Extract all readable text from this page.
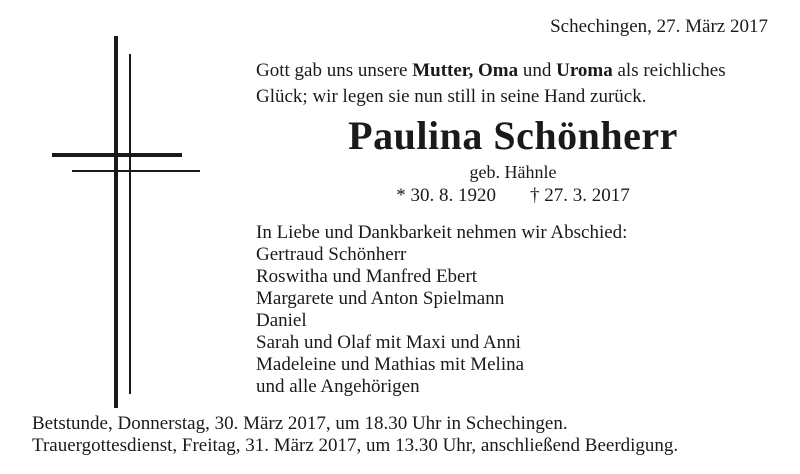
Schechingen, 27. März 2017
Gott gab uns unsere Mutter, Oma und Uroma als reichliches
Glück; wir legen sie nun still in seine Hand zurück.
Paulina Schönherr
geb. Hähnle
* 30. 8. 1920 † 27. 3. 2017
In Liebe und Dankbarkeit nehmen wir Abschied:
Gertraud Schönherr
Roswitha und Manfred Ebert
Margarete und Anton Spielmann
Daniel
Sarah und Olaf mit Maxi und Anni
Madeleine und Mathias mit Melina
und alle Angehörigen
Betstunde, Donnerstag, 30. März 2017, um 18.30 Uhr in Schechingen.
Trauergottesdienst, Freitag, 31. März 2017, um 13.30 Uhr, anschließend Beerdigung.
